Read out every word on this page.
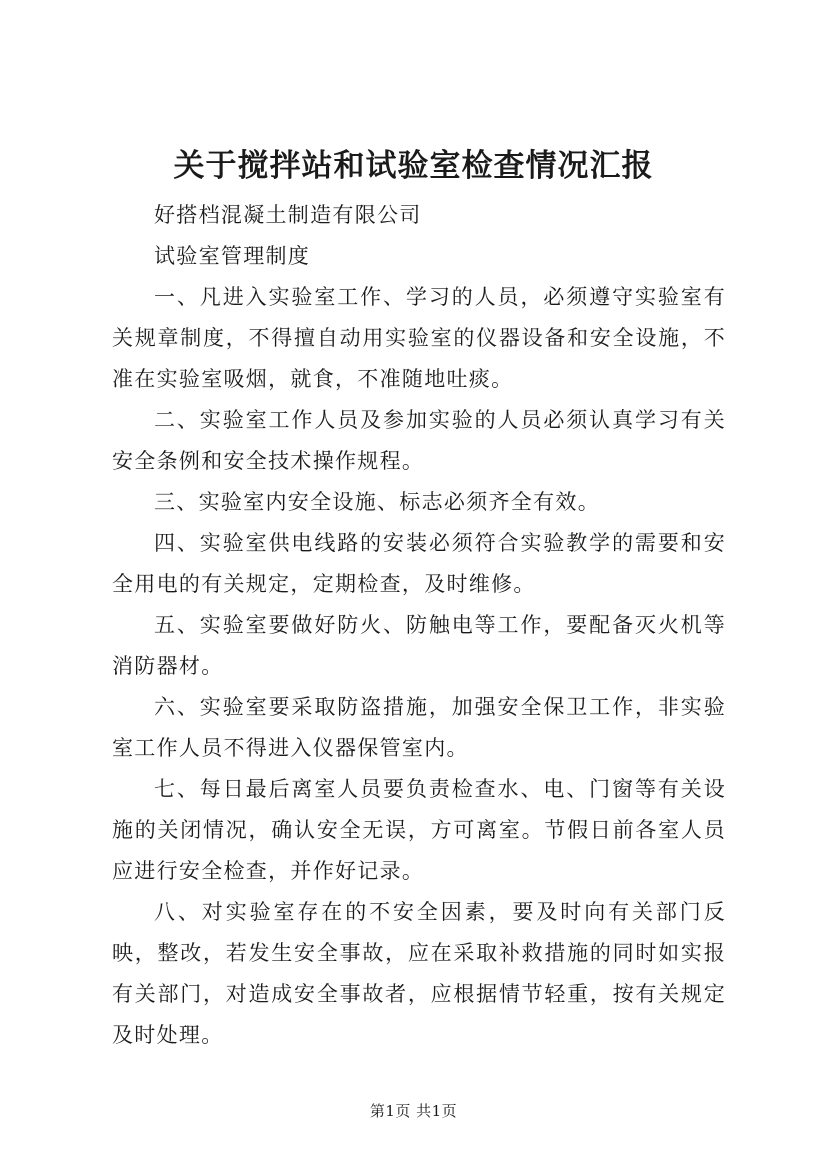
关于搅拌站和试验室检查情况汇报

好搭档混凝土制造有限公司

试验室管理制度

一、凡进入实验室工作、学习的人员，必须遵守实验室有关规章制度，不得擅自动用实验室的仪器设备和安全设施，不准在实验室吸烟，就食，不准随地吐痰。

二、实验室工作人员及参加实验的人员必须认真学习有关安全条例和安全技术操作规程。

三、实验室内安全设施、标志必须齐全有效。

四、实验室供电线路的安装必须符合实验教学的需要和安全用电的有关规定，定期检查，及时维修。

五、实验室要做好防火、防触电等工作，要配备灭火机等消防器材。

六、实验室要采取防盗措施，加强安全保卫工作，非实验室工作人员不得进入仪器保管室内。

七、每日最后离室人员要负责检查水、电、门窗等有关设施的关闭情况，确认安全无误，方可离室。节假日前各室人员应进行安全检查，并作好记录。

八、对实验室存在的不安全因素，要及时向有关部门反映，整改，若发生安全事故，应在采取补救措施的同时如实报有关部门，对造成安全事故者，应根据情节轻重，按有关规定及时处理。

第1页 共1页
